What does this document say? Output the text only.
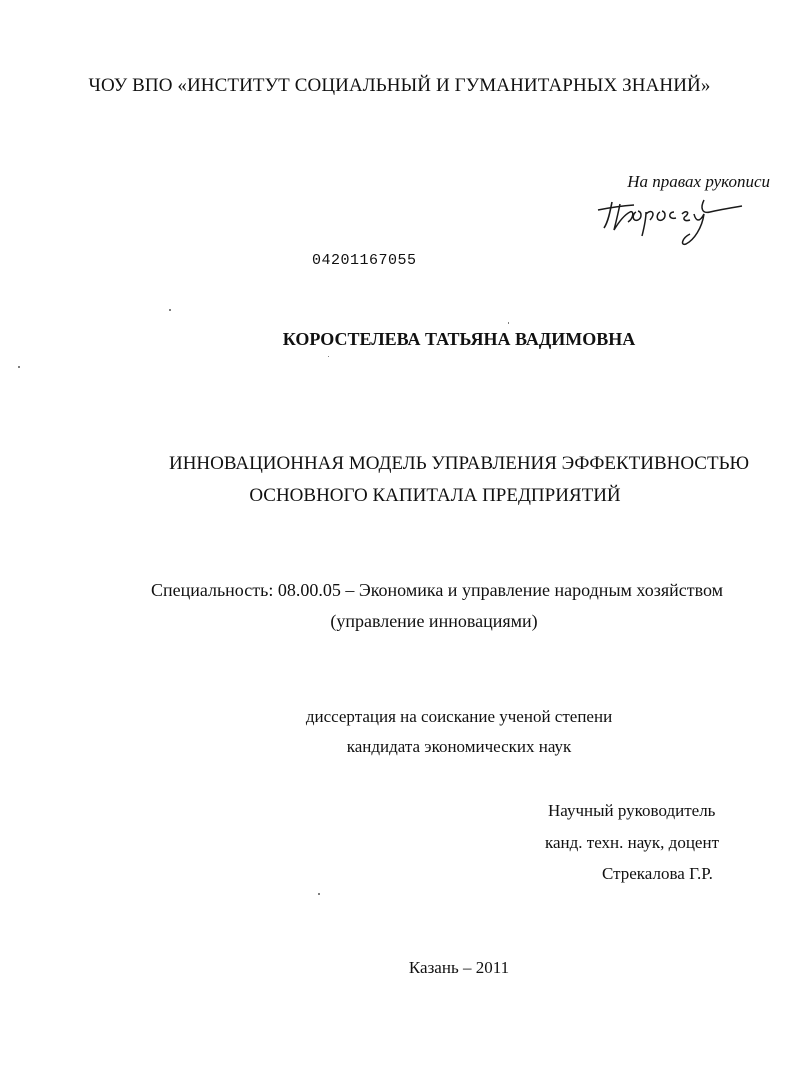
ЧОУ ВПО «ИНСТИТУТ СОЦИАЛЬНЫЙ И ГУМАНИТАРНЫХ ЗНАНИЙ»
На правах рукописи
04201167055
КОРОСТЕЛЕВА ТАТЬЯНА ВАДИМОВНА
ИННОВАЦИОННАЯ МОДЕЛЬ УПРАВЛЕНИЯ ЭФФЕКТИВНОСТЬЮ
ОСНОВНОГО КАПИТАЛА ПРЕДПРИЯТИЙ
Специальность: 08.00.05 – Экономика и управление народным хозяйством
(управление инновациями)
диссертация на соискание ученой степени
кандидата экономических наук
Научный руководитель
канд. техн. наук, доцент
Стрекалова Г.Р.
Казань – 2011
